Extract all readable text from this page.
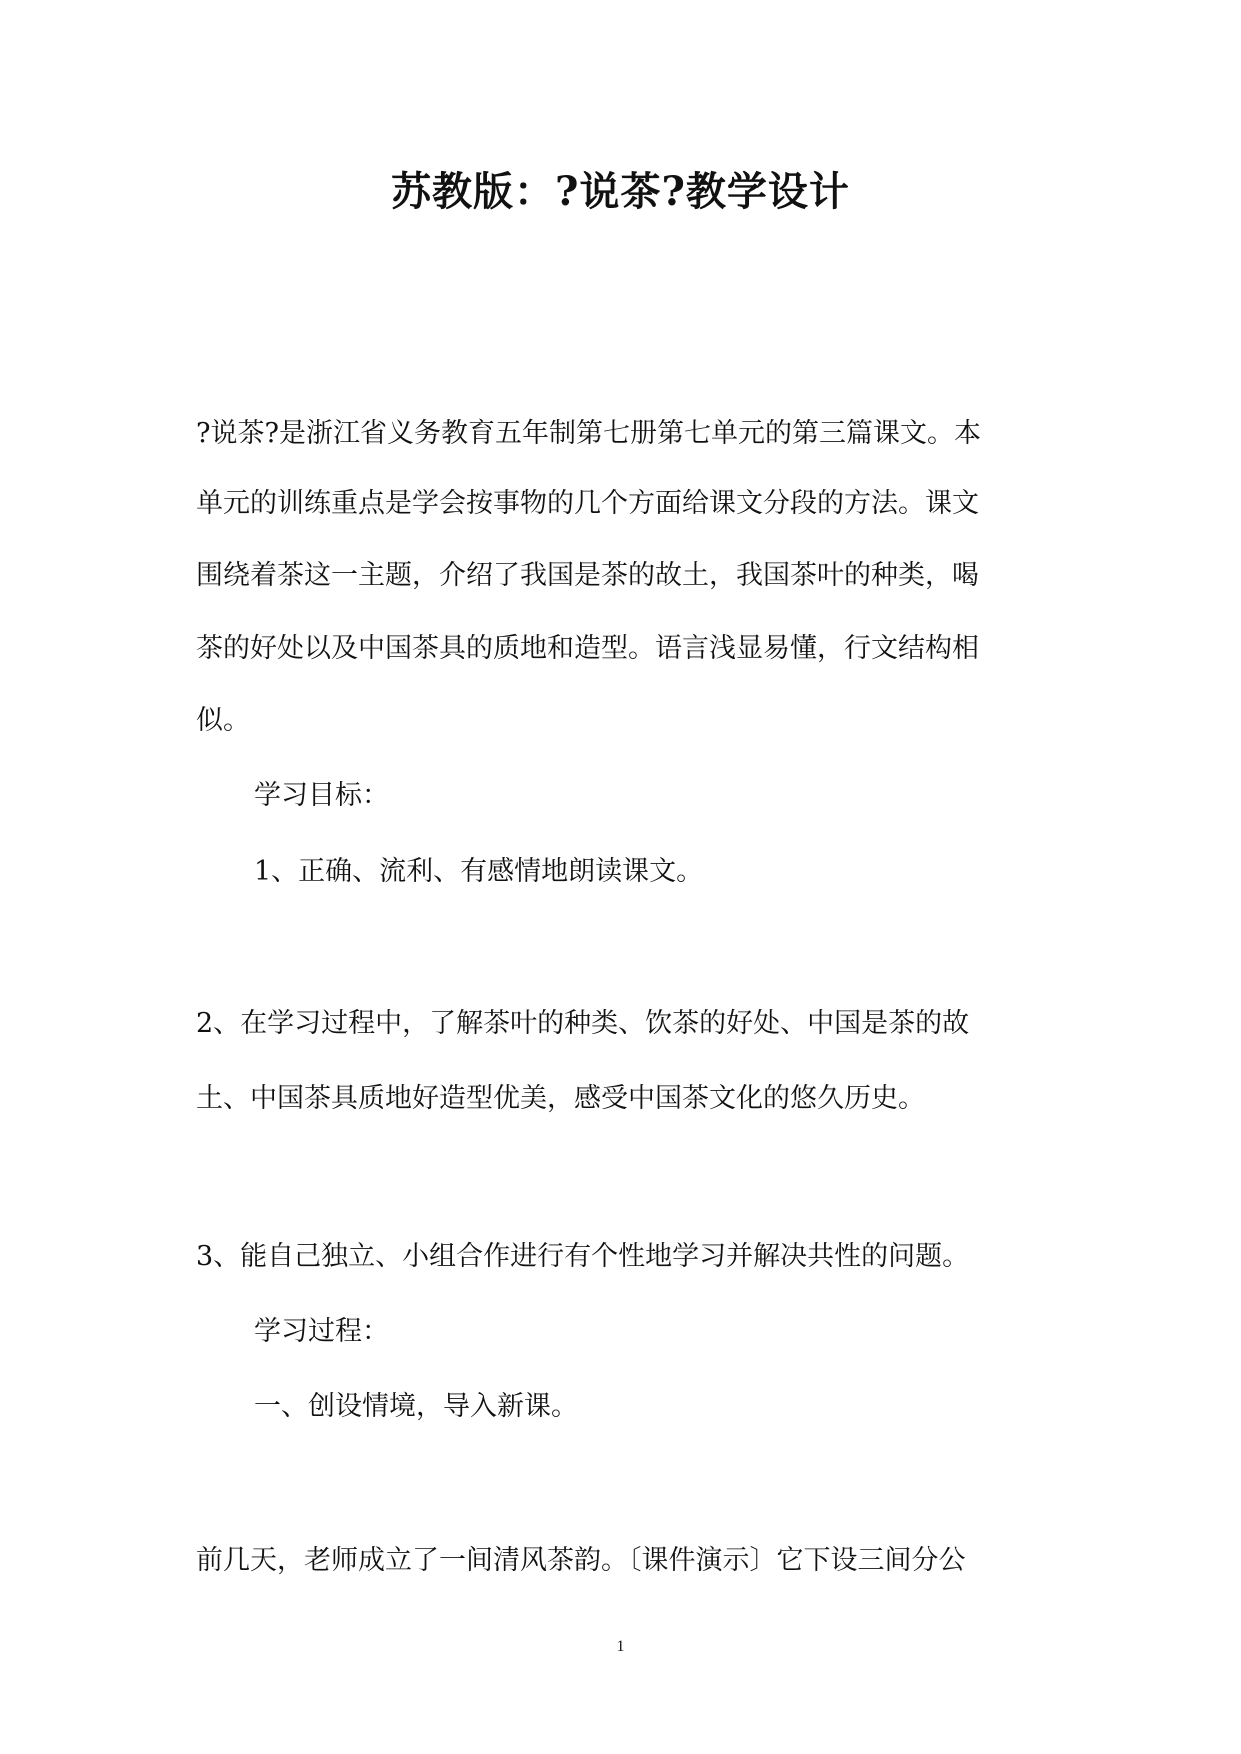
苏教版：?说茶?教学设计
?说茶?是浙江省义务教育五年制第七册第七单元的第三篇课文。本
单元的训练重点是学会按事物的几个方面给课文分段的方法。课文
围绕着茶这一主题，介绍了我国是茶的故土，我国茶叶的种类，喝
茶的好处以及中国茶具的质地和造型。语言浅显易懂，行文结构相
似。
学习目标：
1、正确、流利、有感情地朗读课文。
2、在学习过程中，了解茶叶的种类、饮茶的好处、中国是茶的故
土、中国茶具质地好造型优美，感受中国茶文化的悠久历史。
3、能自己独立、小组合作进行有个性地学习并解决共性的问题。
学习过程：
一、创设情境，导入新课。
前几天，老师成立了一间清风茶韵。〔课件演示〕它下设三间分公
1
